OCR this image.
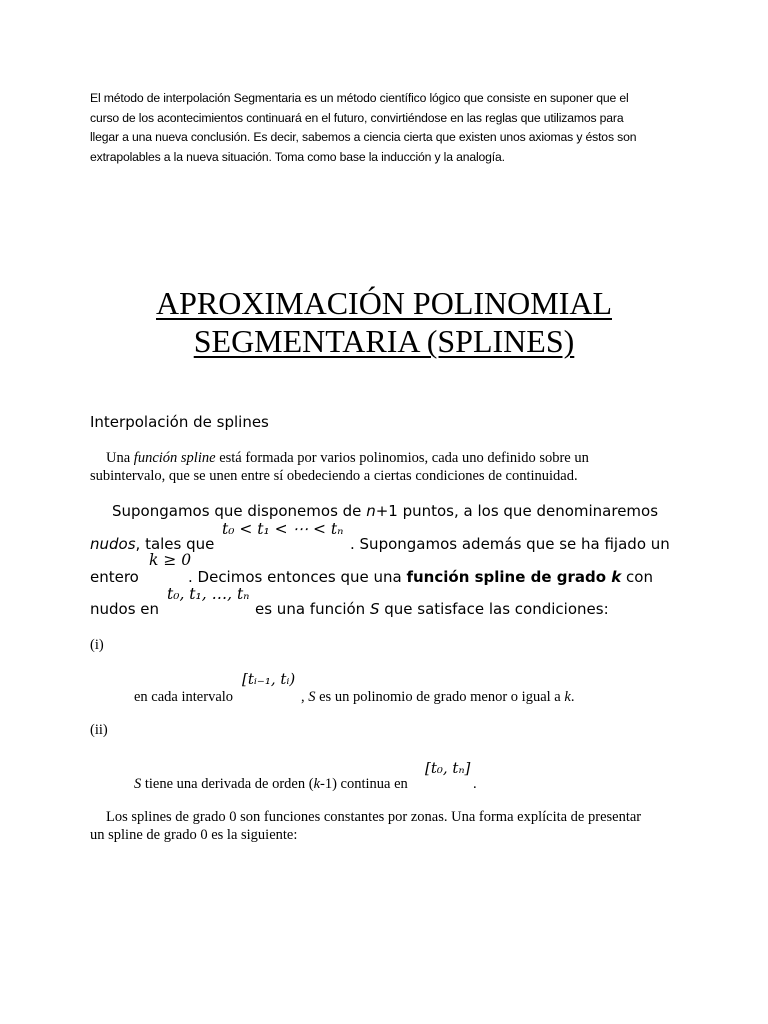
El método de interpolación Segmentaria es un método científico lógico que consiste en suponer que el

curso de los acontecimientos continuará en el futuro, convirtiéndose en las reglas que utilizamos para

llegar a una nueva conclusión. Es decir, sabemos a ciencia cierta que existen unos axiomas y éstos son

extrapolables a la nueva situación. Toma como base la inducción y la analogía.

APROXIMACIÓN POLINOMIAL
SEGMENTARIA (SPLINES)
Interpolación de splines
Una función spline está formada por varios polinomios, cada uno definido sobre un
subintervalo, que se unen entre sí obedeciendo a ciertas condiciones de continuidad.
Supongamos que disponemos de n+1 puntos, a los que denominaremos
nudos, tales que
t₀ < t₁ < ⋯ < tₙ
. Supongamos además que se ha fijado un
entero
k ≥ 0
. Decimos entonces que una función spline de grado k con
nudos en
t₀, t₁, …, tₙ
es una función S que satisface las condiciones:
(i)
en cada intervalo
[tᵢ₋₁, tᵢ)
, S es un polinomio de grado menor o igual a k.
(ii)
S tiene una derivada de orden (k-1) continua en
[t₀, tₙ]
.
Los splines de grado 0 son funciones constantes por zonas. Una forma explícita de presentar
un spline de grado 0 es la siguiente:
